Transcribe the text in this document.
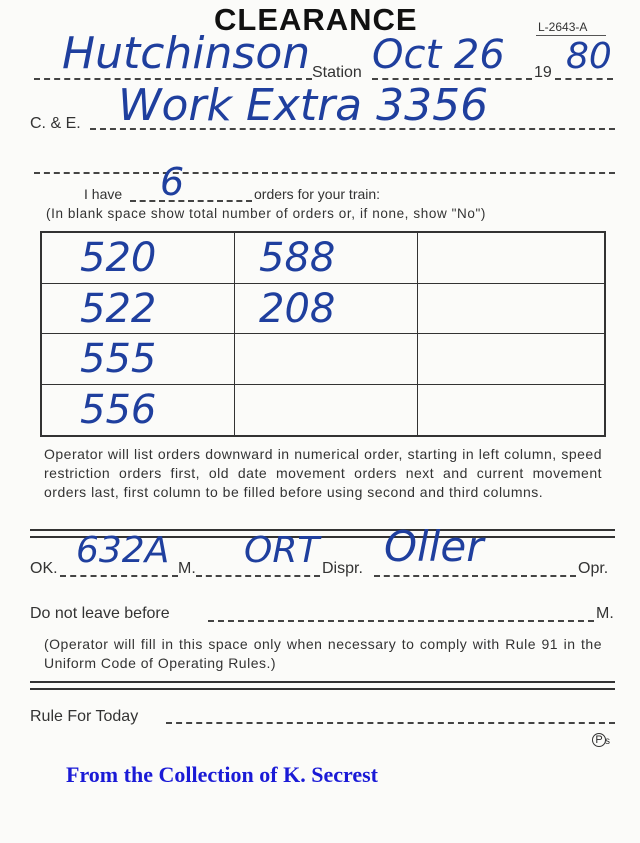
CLEARANCE	L-2643-A
Hutchinson Station Oct 26 19 80
C. & E. Work Extra 3356
I have 6	orders for your train:
(In blank space show total number of orders or, if none, show "No")
520	588
522	208
555
556
Operator will list orders downward in numerical order, starting in left column, speed restriction orders first, old date movement orders next and current movement orders last, first column to be filled before using second and third columns.
OK. 632A M. ORT Dispr. Oller	Opr.
Do not leave before	M.
(Operator will fill in this space only when necessary to comply with Rule 91 in the Uniform Code of Operating Rules.)
Rule For Today
P s
From the Collection of K. Secrest
